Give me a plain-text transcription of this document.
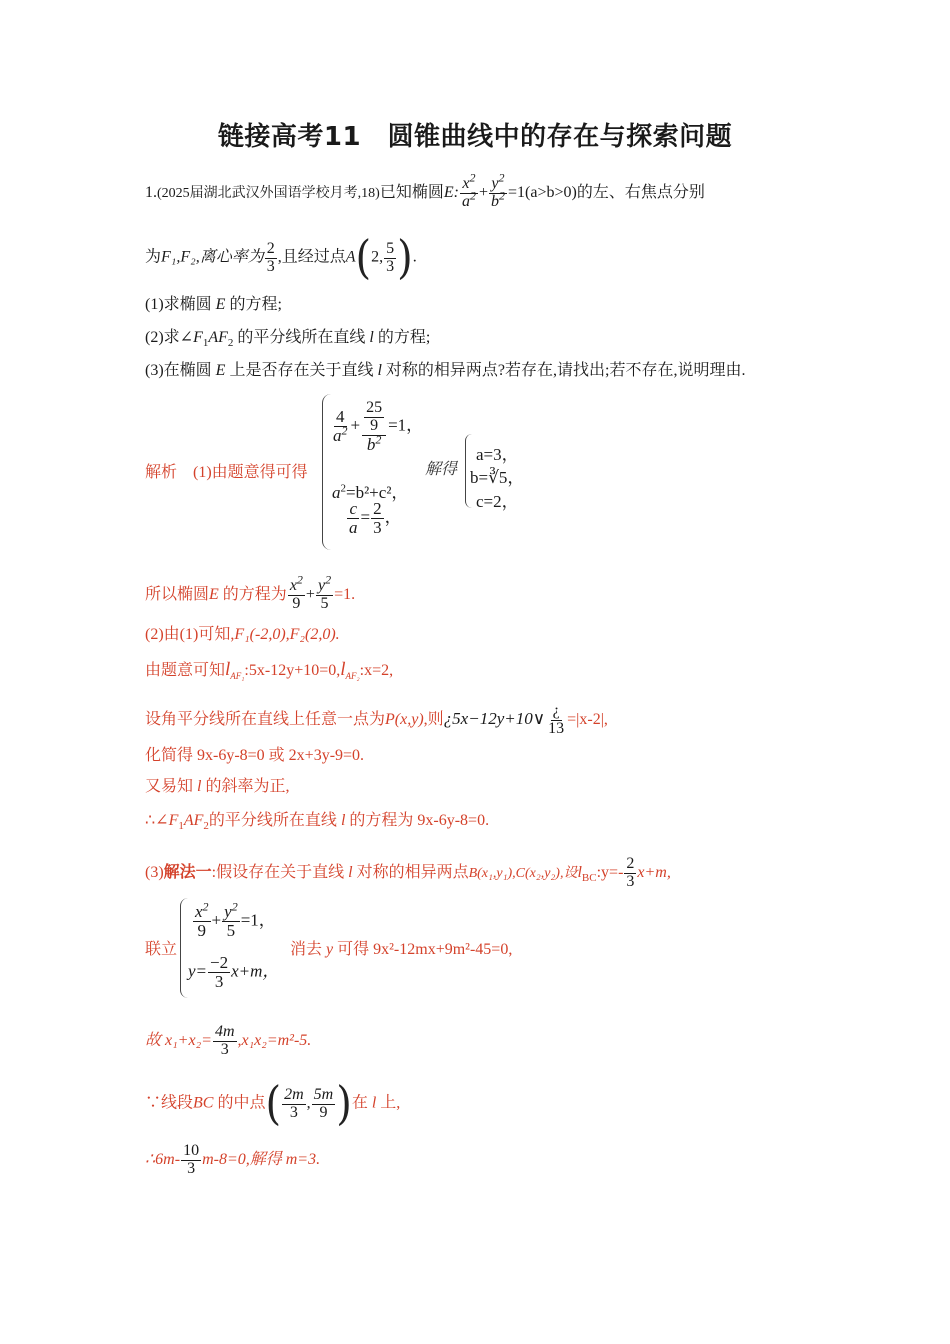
链接高考11　圆锥曲线中的存在与探索问题
1.(2025届湖北武汉外国语学校月考,18)已知椭圆E: $\frac{x^2}{a^2} + \frac{y^2}{b^2} =1(a>b>0)$的左、右焦点分别
为F₁,F₂,离心率为 $\frac{2}{3}$ ,且经过点A(2, $\frac{5}{3}$ ).
(1)求椭圆 E 的方程;
(2)求$\angle F_1AF_2$ 的平分线所在直线 l 的方程;
(3)在椭圆 E 上是否存在关于直线 l 对称的相异两点?若存在,请找出;若不存在,说明理由.
解析 (1)由题意得可得
$\frac{4}{a^2} + \frac{\frac{25}{9}}{b^2} =1$，
$a^2=b^2+c^2$，
$\frac{c}{a} = \frac{2}{3}$ ，
解得
a=3，
b=∛5，
c=2，
所以椭圆E 的方程为 $\frac{x^2}{9} + \frac{y^2}{5} =1$.
(2)由(1)可知,F₁(-2,0),F₂(2,0).
由题意可知$l_{AF_1}:5x-12y+10=0,l_{AF_2}:x=2$,
设角平分线所在直线上任意一点为P(x,y),则¿5x−12y+10∨ $\frac{¿}{13} =|x-2|$,
化简得 9x-6y-8=0 或 2x+3y-9=0.
又易知 l 的斜率为正,
$\therefore\angle F_1AF_2$的平分线所在直线 l 的方程为 9x-6y-8=0.
(3)解法一:假设存在关于直线 l 对称的相异两点B(x₁,y₁),C(x₂,y₂),设$l_{BC}:y=- \frac{2}{3} x+m$,
联立
$\frac{x^2}{9} + \frac{y^2}{5} =1$，
$y= \frac{-2}{3} x+m$，
消去 y 可得 9x²-12mx+9m²-45=0,
故 $x_1+x_2= \frac{4m}{3} ,x_1x_2=m^2-5$.
∵线段BC 的中点( $\frac{2m}{3}$ , $\frac{5m}{9}$ )在 l 上,
∴6m- $\frac{10}{3} m-8=0$,解得 m=3.
